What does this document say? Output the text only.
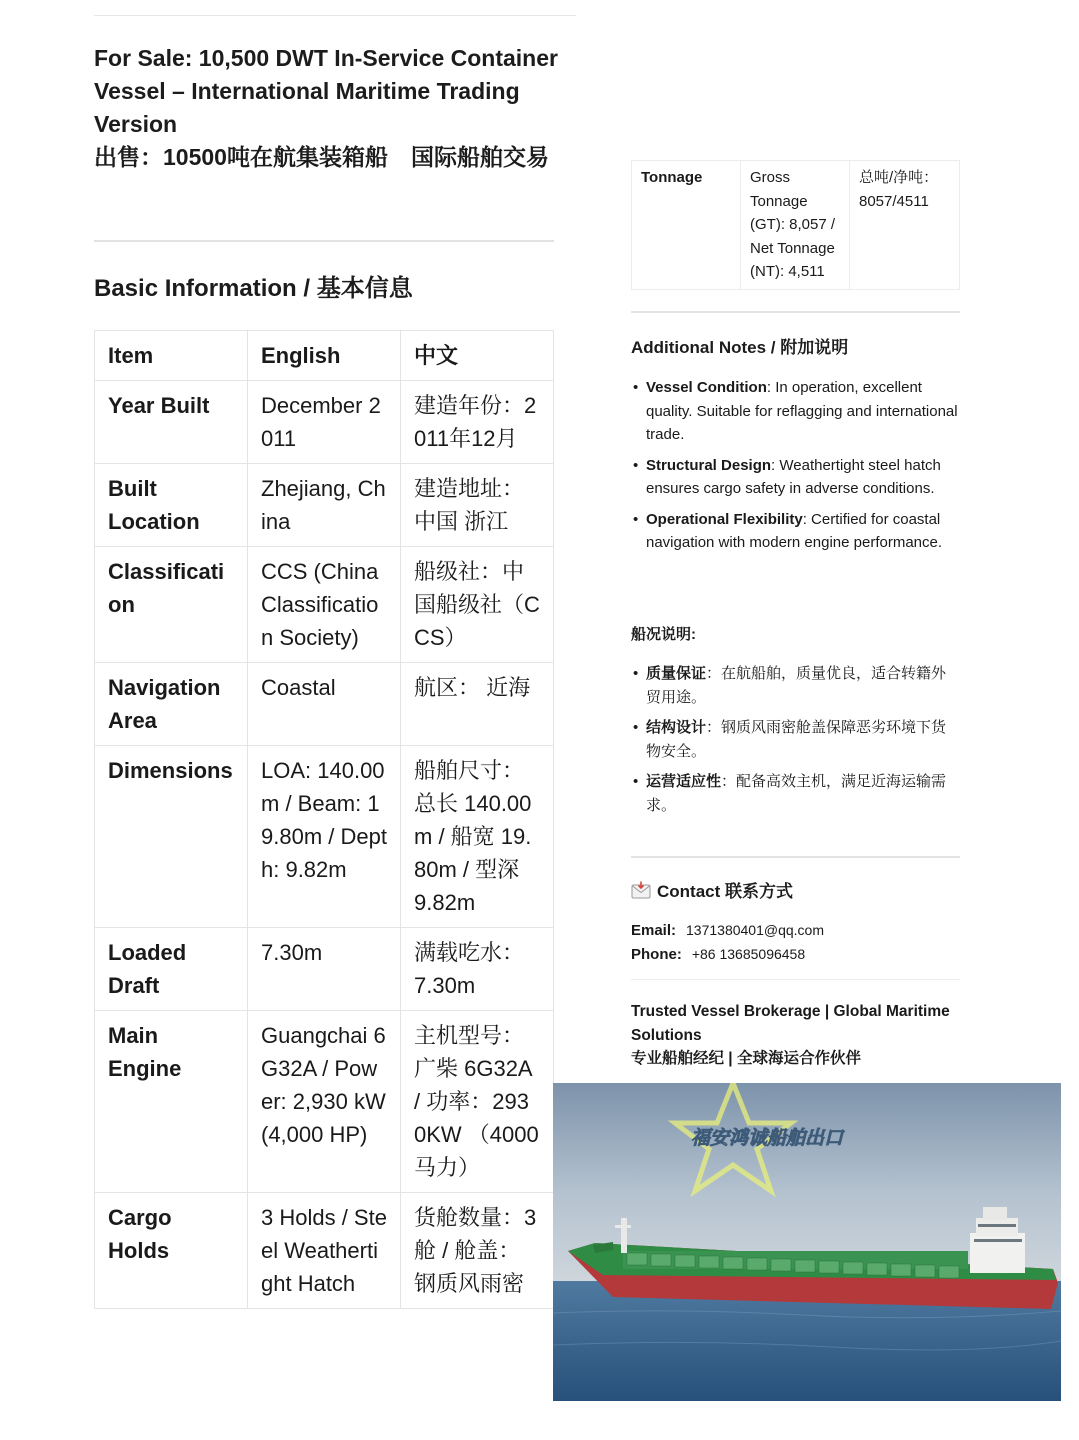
For Sale: 10,500 DWT In-Service Container Vessel – International Maritime Trading Version
出售：10500吨在航集装箱船　国际船舶交易
Basic Information / 基本信息
Item	English	中文
Year Built	December 2011	建造年份：2011年12月
Built Location	Zhejiang, China	建造地址：中国 浙江
Classification	CCS (China Classification Society)	船级社：中国船级社（CCS）
Navigation Area	Coastal	航区： 近海
Dimensions	LOA: 140.00m / Beam: 19.80m / Depth: 9.82m	船舶尺寸：总长 140.00m / 船宽 19.80m / 型深 9.82m
Loaded Draft	7.30m	满载吃水：7.30m
Main Engine	Guangchai 6G32A / Power: 2,930 kW (4,000 HP)	主机型号：广柴 6G32A / 功率：2930KW （4000马力）
Cargo Holds	3 Holds / Steel Weathertight Hatch	货舱数量：3舱 / 舱盖：钢质风雨密
Tonnage	Gross Tonnage (GT): 8,057 / Net Tonnage (NT): 4,511	总吨/净吨：8057/4511
Additional Notes / 附加说明
• Vessel Condition: In operation, excellent quality. Suitable for reflagging and international trade.
• Structural Design: Weathertight steel hatch ensures cargo safety in adverse conditions.
• Operational Flexibility: Certified for coastal navigation with modern engine performance.
船况说明:
• 质量保证：在航船舶，质量优良，适合转籍外贸用途。
• 结构设计：钢质风雨密舱盖保障恶劣环境下货物安全。
• 运营适应性：配备高效主机，满足近海运输需求。
Contact 联系方式
Email: 1371380401@qq.com
Phone: +86 13685096458
Trusted Vessel Brokerage | Global Maritime Solutions
专业船舶经纪 | 全球海运合作伙伴
福安鸿诚船舶出口
